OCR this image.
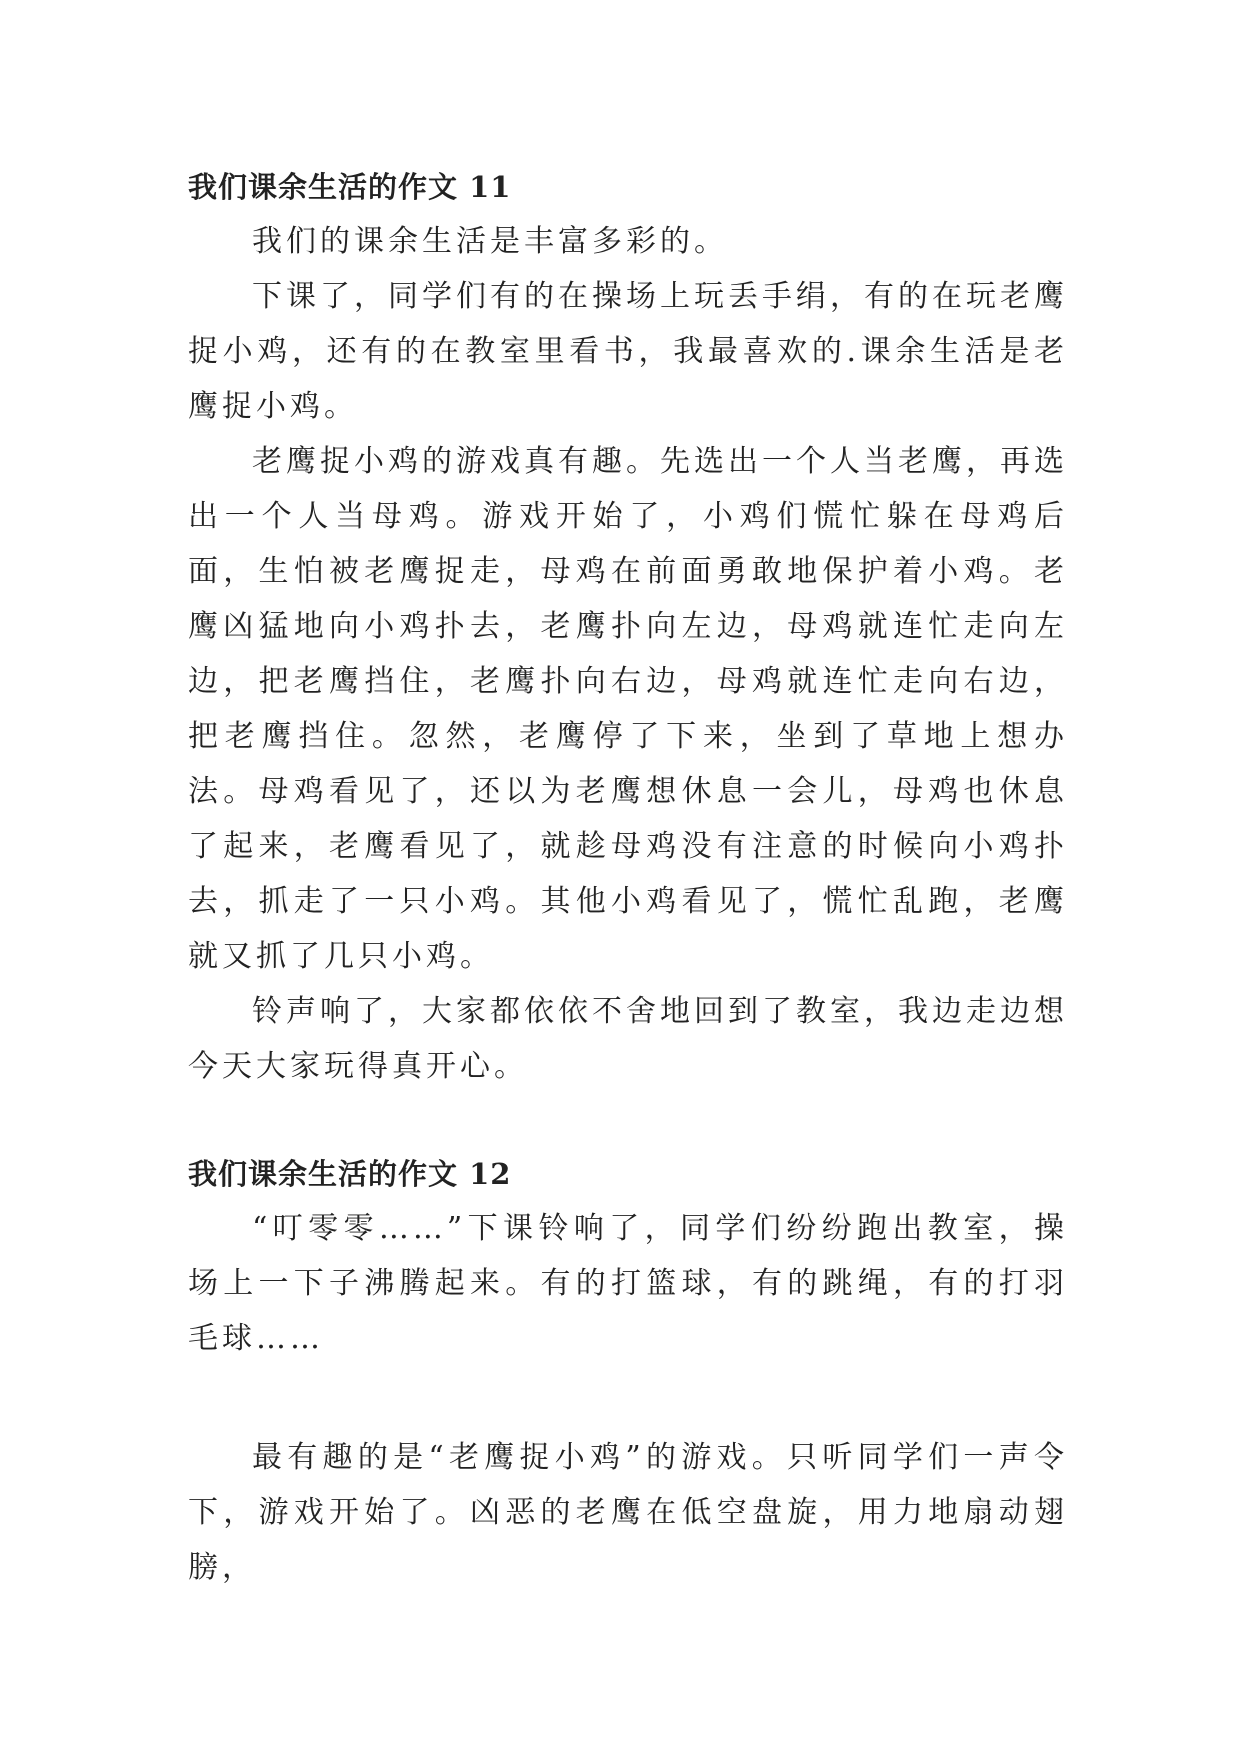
我们课余生活的作文 11

我们的课余生活是丰富多彩的。

下课了，同学们有的在操场上玩丢手绢，有的在玩老鹰捉小鸡，还有的在教室里看书，我最喜欢的.课余生活是老鹰捉小鸡。

老鹰捉小鸡的游戏真有趣。先选出一个人当老鹰，再选出一个人当母鸡。游戏开始了，小鸡们慌忙躲在母鸡后面，生怕被老鹰捉走，母鸡在前面勇敢地保护着小鸡。老鹰凶猛地向小鸡扑去，老鹰扑向左边，母鸡就连忙走向左边，把老鹰挡住，老鹰扑向右边，母鸡就连忙走向右边，把老鹰挡住。忽然，老鹰停了下来，坐到了草地上想办法。母鸡看见了，还以为老鹰想休息一会儿，母鸡也休息了起来，老鹰看见了，就趁母鸡没有注意的时候向小鸡扑去，抓走了一只小鸡。其他小鸡看见了，慌忙乱跑，老鹰就又抓了几只小鸡。

铃声响了，大家都依依不舍地回到了教室，我边走边想今天大家玩得真开心。

我们课余生活的作文 12

“叮零零……”下课铃响了，同学们纷纷跑出教室，操场上一下子沸腾起来。有的打篮球，有的跳绳，有的打羽毛球……

最有趣的是“老鹰捉小鸡”的游戏。只听同学们一声令下，游戏开始了。凶恶的老鹰在低空盘旋，用力地扇动翅膀，
